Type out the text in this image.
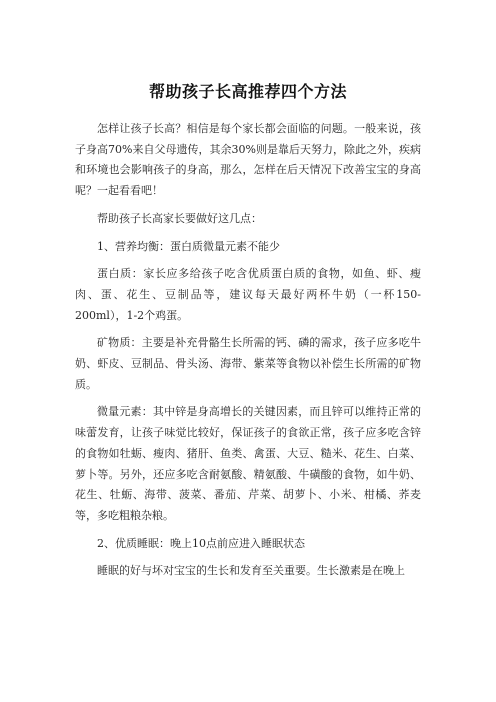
帮助孩子长高推荐四个方法

怎样让孩子长高？相信是每个家长都会面临的问题。一般来说，孩子身高70%来自父母遗传，其余30%则是靠后天努力，除此之外，疾病和环境也会影响孩子的身高，那么，怎样在后天情况下改善宝宝的身高呢？一起看看吧！

帮助孩子长高家长要做好这几点：

1、营养均衡：蛋白质微量元素不能少

蛋白质：家长应多给孩子吃含优质蛋白质的食物，如鱼、虾、瘦肉、蛋、花生、豆制品等，建议每天最好两杯牛奶（一杯150-200ml），1-2个鸡蛋。

矿物质：主要是补充骨骼生长所需的钙、磷的需求，孩子应多吃牛奶、虾皮、豆制品、骨头汤、海带、紫菜等食物以补偿生长所需的矿物质。

微量元素：其中锌是身高增长的关键因素，而且锌可以维持正常的味蕾发育，让孩子味觉比较好，保证孩子的食欲正常，孩子应多吃含锌的食物如牡蛎、瘦肉、猪肝、鱼类、禽蛋、大豆、糙米、花生、白菜、萝卜等。另外，还应多吃含耐氨酸、精氨酸、牛磺酸的食物，如牛奶、花生、牡蛎、海带、菠菜、番茄、芹菜、胡萝卜、小米、柑橘、荞麦等，多吃粗粮杂粮。

2、优质睡眠：晚上10点前应进入睡眠状态

睡眠的好与坏对宝宝的生长和发育至关重要。生长激素是在晚上
